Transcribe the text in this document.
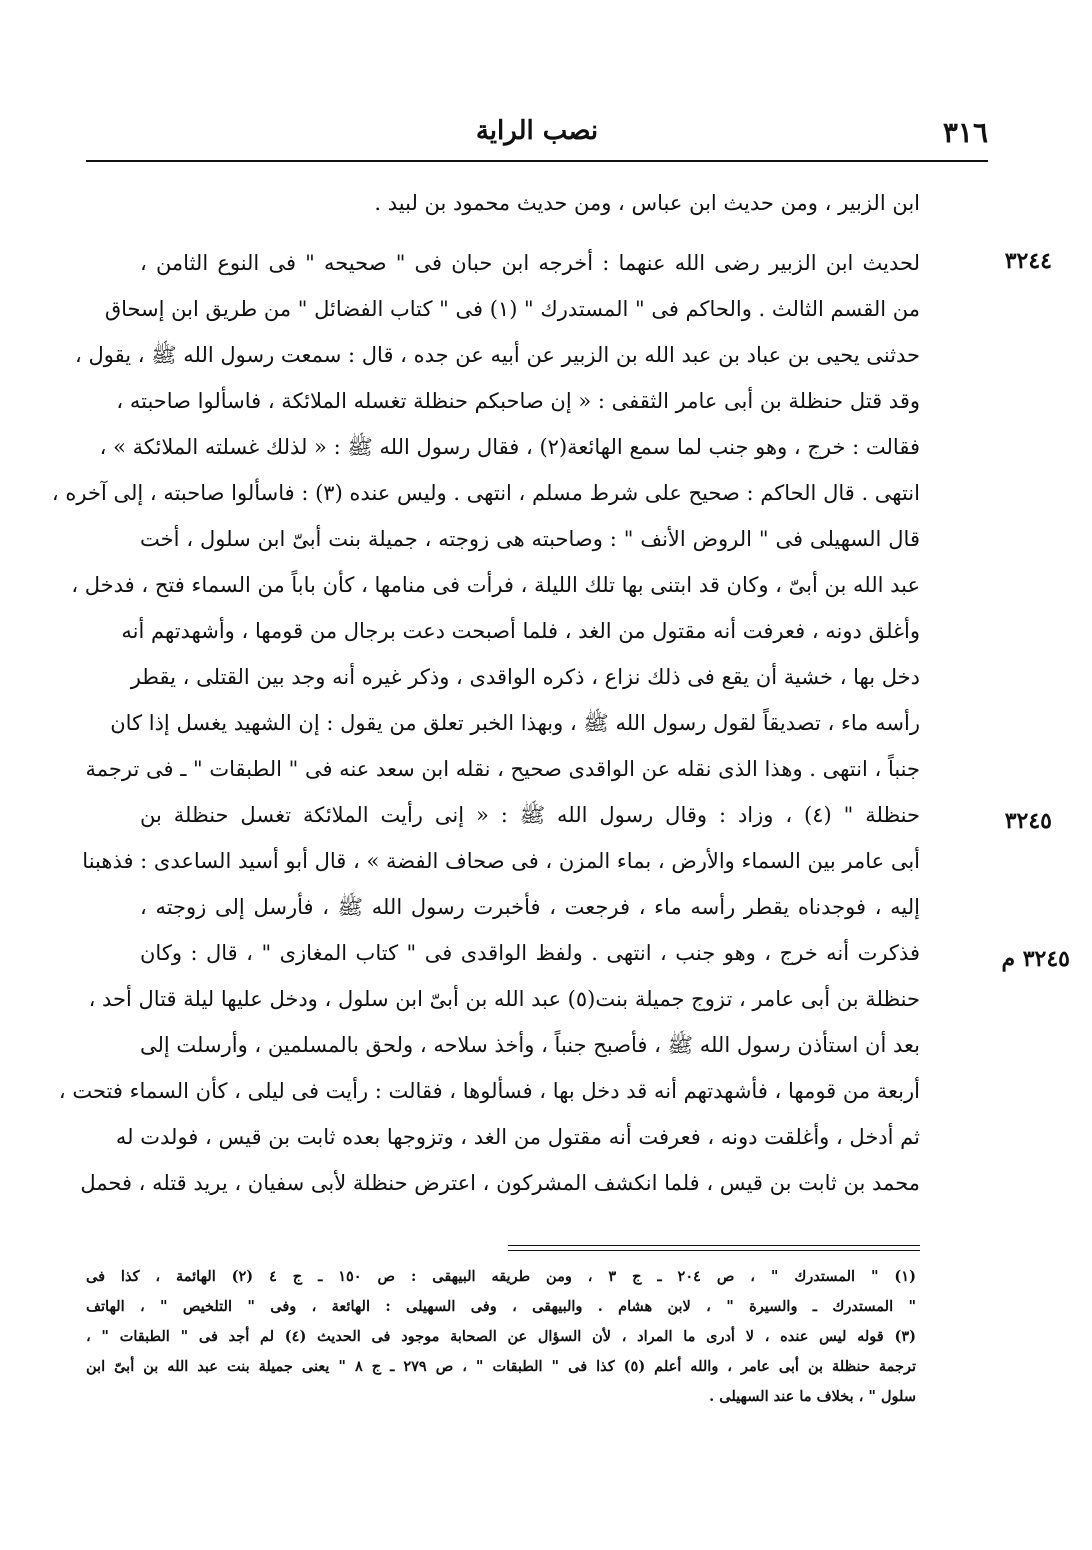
٣١٦
نصب الراية
ابن الزبير ، ومن حديث ابن عباس ، ومن حديث محمود بن لبيد .
لحديث ابن الزبير رضى الله عنهما : أخرجه ابن حبان فى " صحيحه " فى النوع الثامن ،
من القسم الثالث . والحاكم فى " المستدرك " (١) فى " كتاب الفضائل " من طريق ابن إسحاق
حدثنى يحيى بن عباد بن عبد الله بن الزبير عن أبيه عن جده ، قال : سمعت رسول الله ﷺ ، يقول ،
وقد قتل حنظلة بن أبى عامر الثقفى : « إن صاحبكم حنظلة تغسله الملائكة ، فاسألوا صاحبته ،
فقالت : خرج ، وهو جنب لما سمع الهائعة(٢) ، فقال رسول الله ﷺ : « لذلك غسلته الملائكة » ،
انتهى . قال الحاكم : صحيح على شرط مسلم ، انتهى . وليس عنده (٣) : فاسألوا صاحبته ، إلى آخره ،
قال السهيلى فى " الروض الأنف " : وصاحبته هى زوجته ، جميلة بنت أبىّ ابن سلول ، أخت
عبد الله بن أبىّ ، وكان قد ابتنى بها تلك الليلة ، فرأت فى منامها ، كأن باباً من السماء فتح ، فدخل ،
وأغلق دونه ، فعرفت أنه مقتول من الغد ، فلما أصبحت دعت برجال من قومها ، وأشهدتهم أنه
دخل بها ، خشية أن يقع فى ذلك نزاع ، ذكره الواقدى ، وذكر غيره أنه وجد بين القتلى ، يقطر
رأسه ماء ، تصديقاً لقول رسول الله ﷺ ، وبهذا الخبر تعلق من يقول : إن الشهيد يغسل إذا كان
جنباً ، انتهى . وهذا الذى نقله عن الواقدى صحيح ، نقله ابن سعد عنه فى " الطبقات " ـ فى ترجمة
حنظلة " (٤) ، وزاد : وقال رسول الله ﷺ : « إنى رأيت الملائكة تغسل حنظلة بن
أبى عامر بين السماء والأرض ، بماء المزن ، فى صحاف الفضة » ، قال أبو أسيد الساعدى : فذهبنا
إليه ، فوجدناه يقطر رأسه ماء ، فرجعت ، فأخبرت رسول الله ﷺ ، فأرسل إلى زوجته ،
فذكرت أنه خرج ، وهو جنب ، انتهى . ولفظ الواقدى فى " كتاب المغازى " ، قال : وكان
حنظلة بن أبى عامر ، تزوج جميلة بنت(٥) عبد الله بن أبىّ ابن سلول ، ودخل عليها ليلة قتال أحد ،
بعد أن استأذن رسول الله ﷺ ، فأصبح جنباً ، وأخذ سلاحه ، ولحق بالمسلمين ، وأرسلت إلى
أربعة من قومها ، فأشهدتهم أنه قد دخل بها ، فسألوها ، فقالت : رأيت فى ليلى ، كأن السماء فتحت ،
ثم أدخل ، وأغلقت دونه ، فعرفت أنه مقتول من الغد ، وتزوجها بعده ثابت بن قيس ، فولدت له
محمد بن ثابت بن قيس ، فلما انكشف المشركون ، اعترض حنظلة لأبى سفيان ، يريد قتله ، فحمل
٣٢٤٤
٣٢٤٥
٣٢٤٥ م
(١) " المستدرك " ، ص ٢٠٤ ـ ج ٣ ، ومن طريقه البيهقى : ص ١٥٠ ـ ج ٤ (٢) الهائمة ، كذا فى
" المستدرك ـ والسيرة " ، لابن هشام . والبيهقى ، وفى السهيلى : الهائعة ، وفى " التلخيص " ، الهاتف
(٣) قوله ليس عنده ، لا أدرى ما المراد ، لأن السؤال عن الصحابة موجود فى الحديث (٤) لم أجد فى " الطبقات " ،
ترجمة حنظلة بن أبى عامر ، والله أعلم (٥) كذا فى " الطبقات " ، ص ٢٧٩ ـ ج ٨ " يعنى جميلة بنت عبد الله بن أبىّ ابن
سلول " ، بخلاف ما عند السهيلى .
